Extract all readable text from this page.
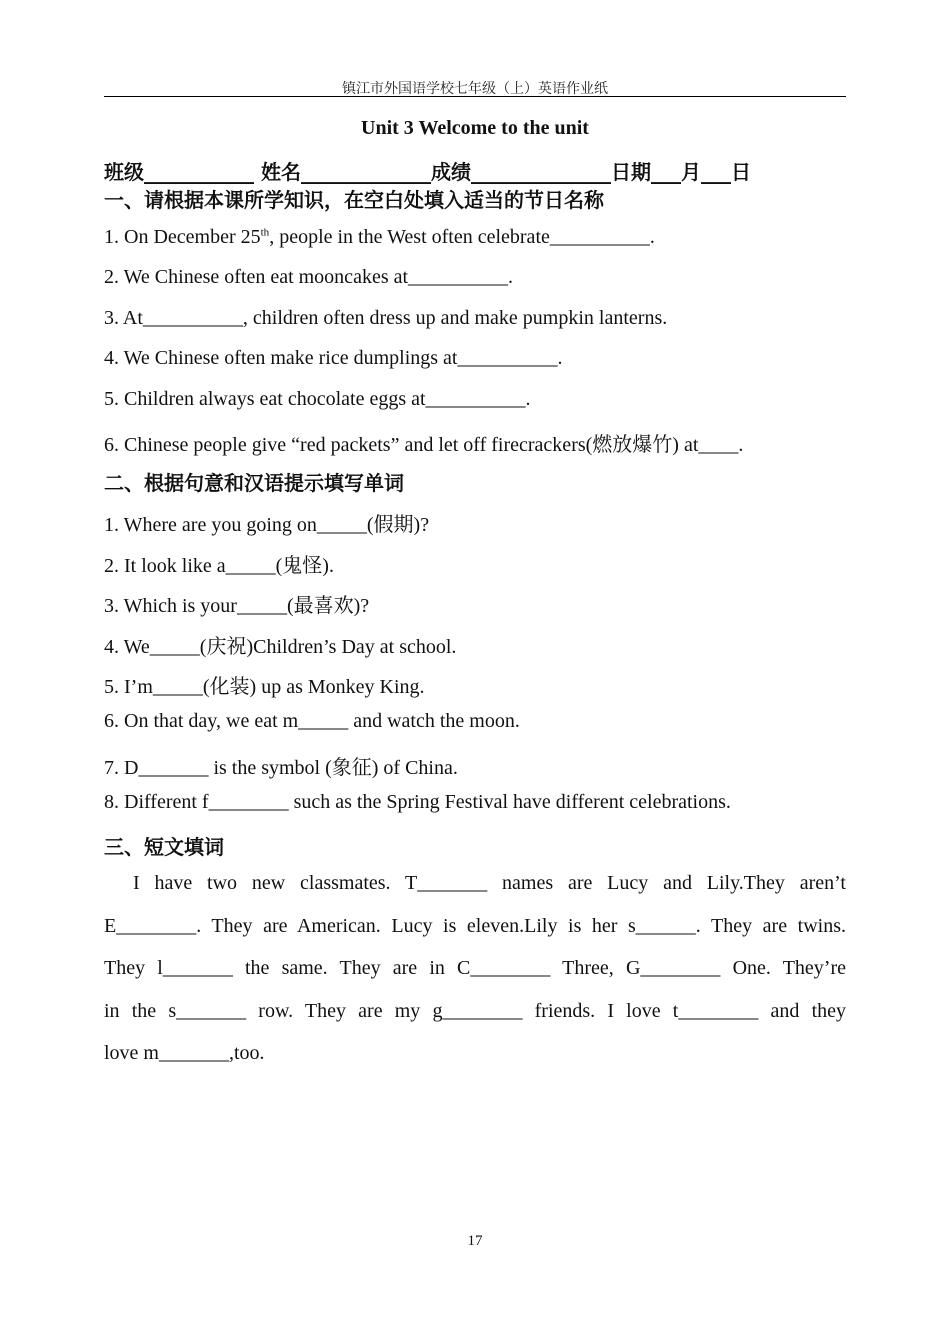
镇江市外国语学校七年级（上）英语作业纸
Unit 3 Welcome to the unit
班级___________ 姓名_____________成绩______________日期___月___日
一、请根据本课所学知识，在空白处填入适当的节日名称
1. On December 25th, people in the West often celebrate__________.
2. We Chinese often eat mooncakes at__________.
3. At__________, children often dress up and make pumpkin lanterns.
4. We Chinese often make rice dumplings at__________.
5. Children always eat chocolate eggs at__________.
6. Chinese people give “red packets” and let off firecrackers(燃放爆竹) at____.
二、根据句意和汉语提示填写单词
1. Where are you going on_____(假期)?
2. It look like a_____(鬼怪).
3. Which is your_____(最喜欢)?
4. We_____(庆祝)Children’s Day at school.
5. I’m_____(化装) up as Monkey King.
6. On that day, we eat m_____ and watch the moon.
7. D_______ is the symbol (象征) of China.
8. Different f________ such as the Spring Festival have different celebrations.
三、短文填词
I have two new classmates. T_______ names are Lucy and Lily.They aren’t
E________. They are American. Lucy is eleven.Lily is her s______. They are twins.
They l_______ the same. They are in C________ Three, G________ One. They’re
in the s_______ row. They are my g________ friends. I love t________ and they
love m_______,too.
17
